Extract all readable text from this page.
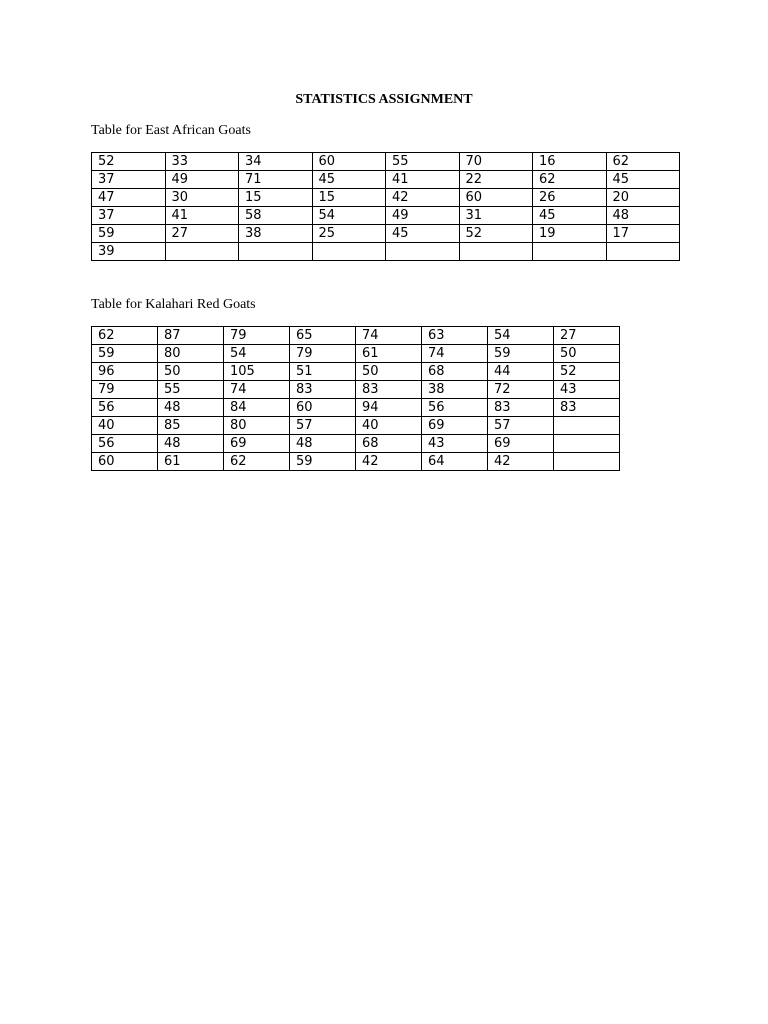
STATISTICS ASSIGNMENT
Table for East African Goats
52	33	34	60	55	70	16	62
37	49	71	45	41	22	62	45
47	30	15	15	42	60	26	20
37	41	58	54	49	31	45	48
59	27	38	25	45	52	19	17
39							
Table for Kalahari Red Goats
62	87	79	65	74	63	54	27
59	80	54	79	61	74	59	50
96	50	105	51	50	68	44	52
79	55	74	83	83	38	72	43
56	48	84	60	94	56	83	83
40	85	80	57	40	69	57	
56	48	69	48	68	43	69	
60	61	62	59	42	64	42	
